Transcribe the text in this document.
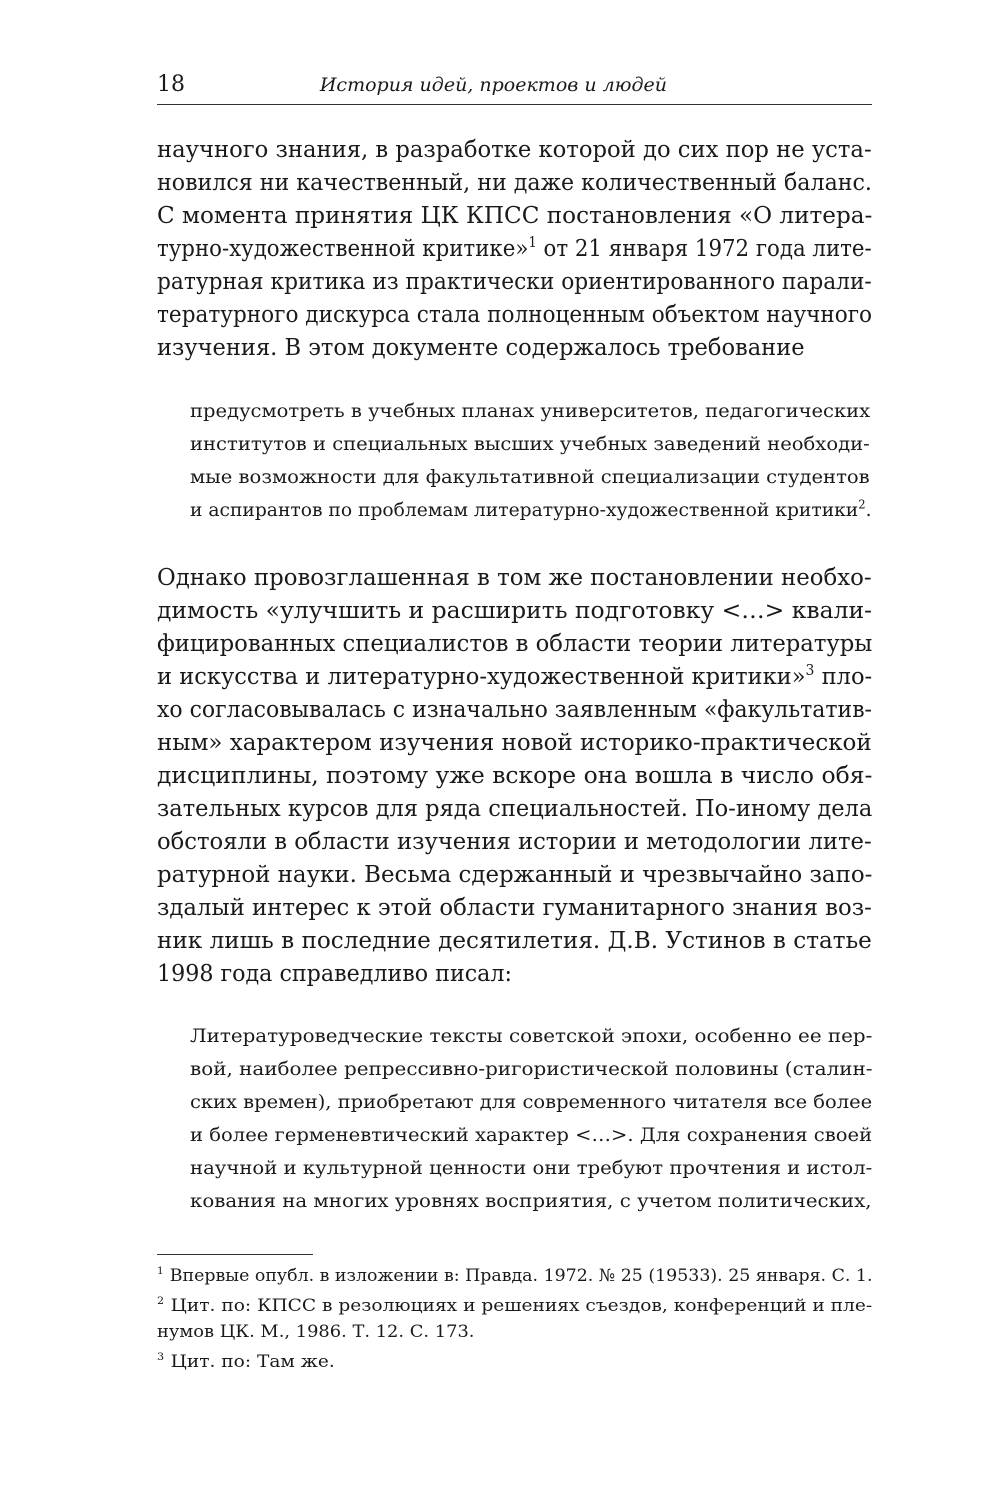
18	История идей, проектов и людей
научного знания, в разработке которой до сих пор не уста-
новился ни качественный, ни даже количественный баланс.
С момента принятия ЦК КПСС постановления «О литера-
турно-художественной критике»$^1$ от 21 января 1972 года лите-
ратурная критика из практически ориентированного парали-
тературного дискурса стала полноценным объектом научного
изучения. В этом документе содержалось требование
предусмотреть в учебных планах университетов, педагогических
институтов и специальных высших учебных заведений необходи-
мые возможности для факультативной специализации студентов
и аспирантов по проблемам литературно-художественной критики$^2$.
Однако провозглашенная в том же постановлении необхо-
димость «улучшить и расширить подготовку <…> квали-
фицированных специалистов в области теории литературы
и искусства и литературно-художественной критики»$^3$ пло-
хо согласовывалась с изначально заявленным «факультатив-
ным» характером изучения новой историко-практической
дисциплины, поэтому уже вскоре она вошла в число обя-
зательных курсов для ряда специальностей. По-иному дела
обстояли в области изучения истории и методологии лите-
ратурной науки. Весьма сдержанный и чрезвычайно запо-
здалый интерес к этой области гуманитарного знания воз-
ник лишь в последние десятилетия. Д.В. Устинов в статье
1998 года справедливо писал:
Литературоведческие тексты советской эпохи, особенно ее пер-
вой, наиболее репрессивно-ригористической половины (сталин-
ских времен), приобретают для современного читателя все более
и более герменевтический характер <…>. Для сохранения своей
научной и культурной ценности они требуют прочтения и истол-
кования на многих уровнях восприятия, с учетом политических,
$^1$ Впервые опубл. в изложении в: Правда. 1972. № 25 (19533). 25 января. С. 1.
$^2$ Цит. по: КПСС в резолюциях и решениях съездов, конференций и пле-
нумов ЦК. М., 1986. Т. 12. С. 173.
$^3$ Цит. по: Там же.
